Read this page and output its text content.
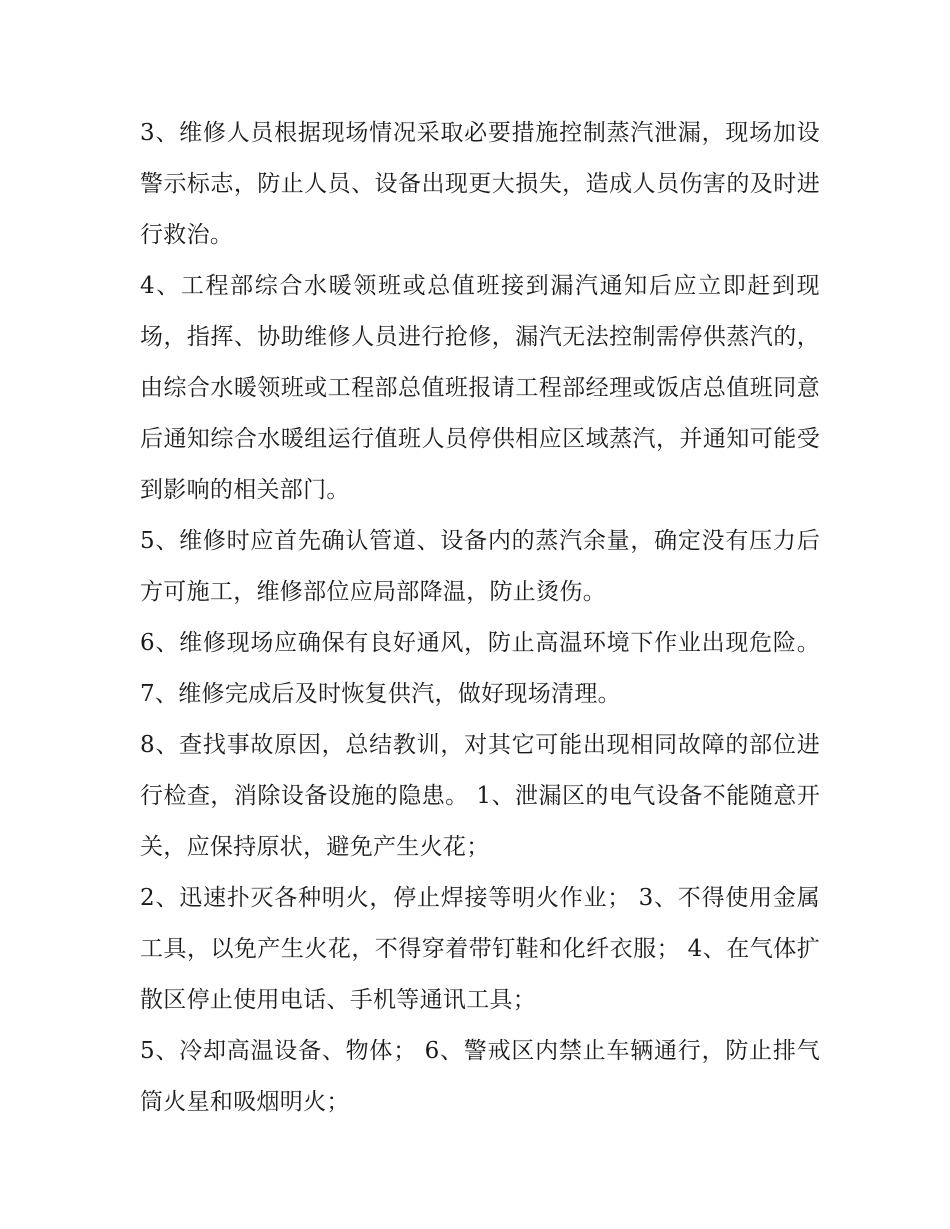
3、维修人员根据现场情况采取必要措施控制蒸汽泄漏，现场加设警示标志，防止人员、设备出现更大损失，造成人员伤害的及时进行救治。

4、工程部综合水暖领班或总值班接到漏汽通知后应立即赶到现场，指挥、协助维修人员进行抢修，漏汽无法控制需停供蒸汽的，由综合水暖领班或工程部总值班报请工程部经理或饭店总值班同意后通知综合水暖组运行值班人员停供相应区域蒸汽，并通知可能受到影响的相关部门。

5、维修时应首先确认管道、设备内的蒸汽余量，确定没有压力后方可施工，维修部位应局部降温，防止烫伤。

6、维修现场应确保有良好通风，防止高温环境下作业出现危险。 7、维修完成后及时恢复供汽，做好现场清理。

8、查找事故原因，总结教训，对其它可能出现相同故障的部位进行检查，消除设备设施的隐患。 1、泄漏区的电气设备不能随意开关，应保持原状，避免产生火花；

2、迅速扑灭各种明火，停止焊接等明火作业； 3、不得使用金属工具，以免产生火花，不得穿着带钉鞋和化纤衣服； 4、在气体扩散区停止使用电话、手机等通讯工具；

5、冷却高温设备、物体； 6、警戒区内禁止车辆通行，防止排气筒火星和吸烟明火；
